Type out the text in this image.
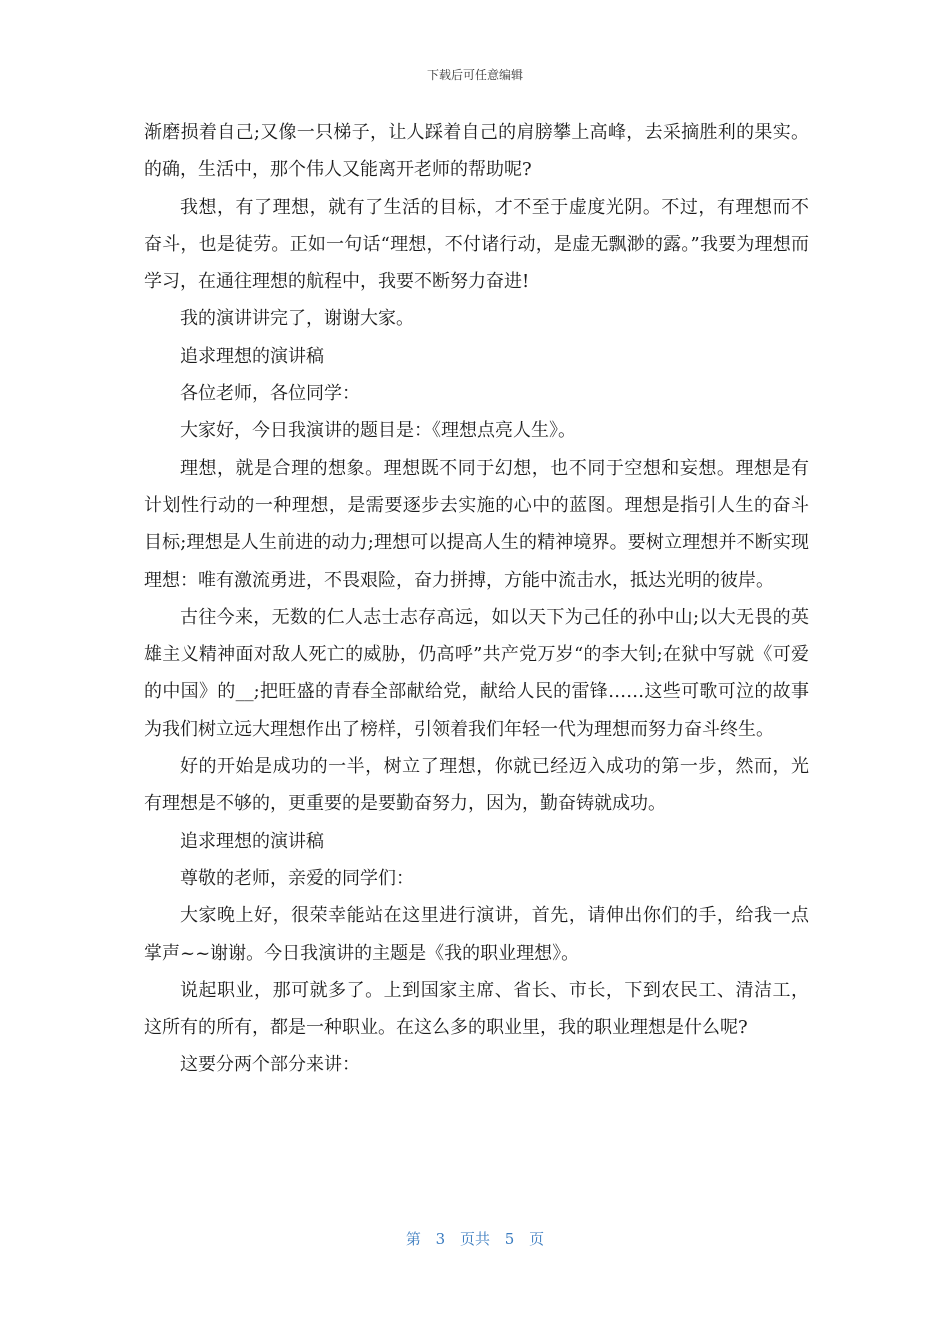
下载后可任意编辑

渐磨损着自己;又像一只梯子，让人踩着自己的肩膀攀上高峰，去采摘胜利的果实。的确，生活中，那个伟人又能离开老师的帮助呢?

我想，有了理想，就有了生活的目标，才不至于虚度光阴。不过，有理想而不奋斗，也是徒劳。正如一句话“理想，不付诸行动，是虚无飘渺的露。”我要为理想而学习，在通往理想的航程中，我要不断努力奋进!

我的演讲讲完了，谢谢大家。

追求理想的演讲稿

各位老师，各位同学：

大家好，今日我演讲的题目是：《理想点亮人生》。

理想，就是合理的想象。理想既不同于幻想，也不同于空想和妄想。理想是有计划性行动的一种理想，是需要逐步去实施的心中的蓝图。理想是指引人生的奋斗目标;理想是人生前进的动力;理想可以提高人生的精神境界。要树立理想并不断实现理想：唯有激流勇进，不畏艰险，奋力拼搏，方能中流击水，抵达光明的彼岸。

古往今来，无数的仁人志士志存高远，如以天下为己任的孙中山;以大无畏的英雄主义精神面对敌人死亡的威胁，仍高呼”共产党万岁“的李大钊;在狱中写就《可爱的中国》的__;把旺盛的青春全部献给党，献给人民的雷锋……这些可歌可泣的故事为我们树立远大理想作出了榜样，引领着我们年轻一代为理想而努力奋斗终生。

好的开始是成功的一半，树立了理想，你就已经迈入成功的第一步，然而，光有理想是不够的，更重要的是要勤奋努力，因为，勤奋铸就成功。

追求理想的演讲稿

尊敬的老师，亲爱的同学们：

大家晚上好，很荣幸能站在这里进行演讲，首先，请伸出你们的手，给我一点掌声~~谢谢。今日我演讲的主题是《我的职业理想》。

说起职业，那可就多了。上到国家主席、省长、市长，下到农民工、清洁工，这所有的所有，都是一种职业。在这么多的职业里，我的职业理想是什么呢?

这要分两个部分来讲：

第 3 页共 5 页
